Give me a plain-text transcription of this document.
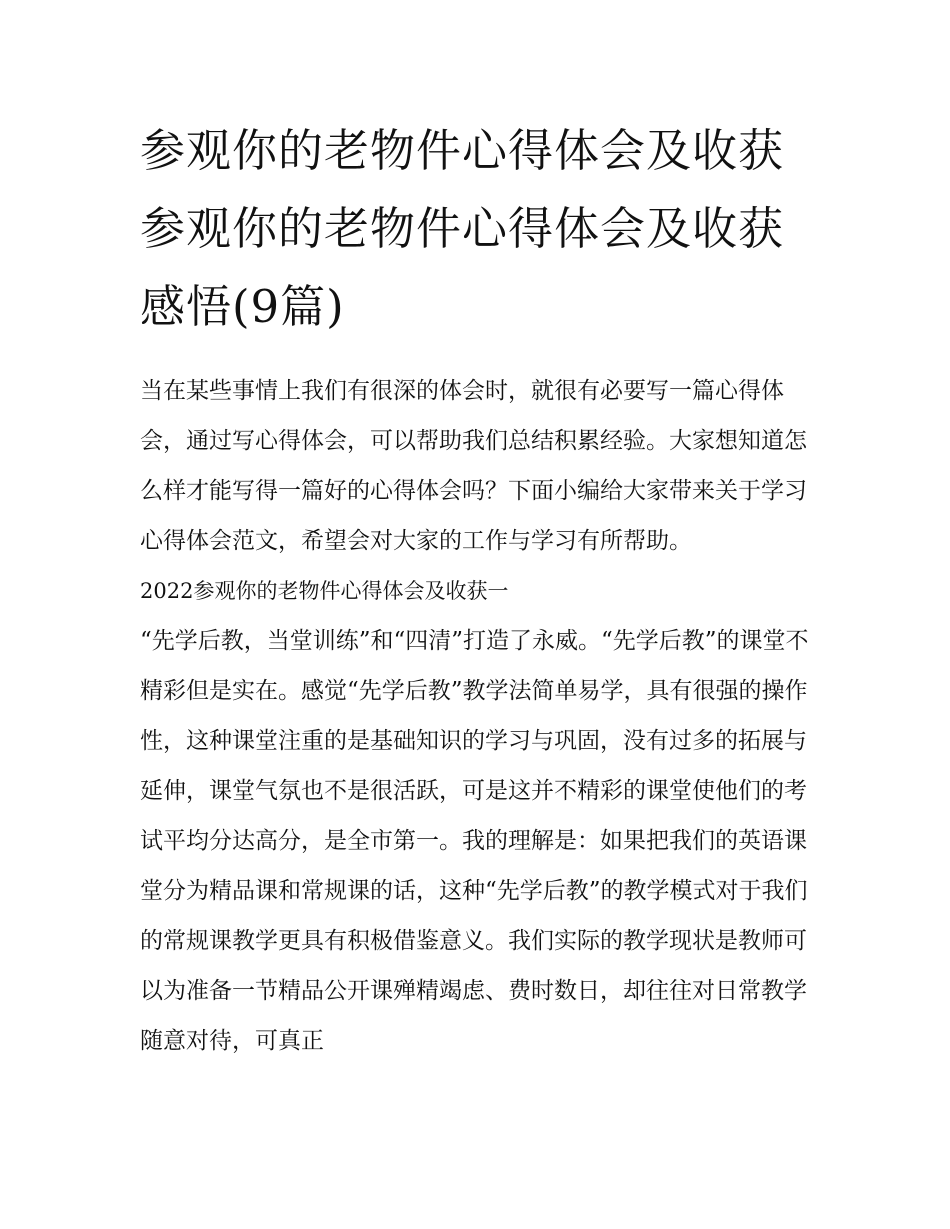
参观你的老物件心得体会及收获 参观你的老物件心得体会及收获感悟(9篇)

当在某些事情上我们有很深的体会时，就很有必要写一篇心得体会，通过写心得体会，可以帮助我们总结积累经验。大家想知道怎么样才能写得一篇好的心得体会吗？下面小编给大家带来关于学习心得体会范文，希望会对大家的工作与学习有所帮助。

2022参观你的老物件心得体会及收获一

“先学后教，当堂训练”和“四清”打造了永威。“先学后教”的课堂不精彩但是实在。感觉“先学后教”教学法简单易学，具有很强的操作性，这种课堂注重的是基础知识的学习与巩固，没有过多的拓展与延伸，课堂气氛也不是很活跃，可是这并不精彩的课堂使他们的考试平均分达高分，是全市第一。我的理解是：如果把我们的英语课堂分为精品课和常规课的话，这种“先学后教”的教学模式对于我们的常规课教学更具有积极借鉴意义。我们实际的教学现状是教师可以为准备一节精品公开课殚精竭虑、费时数日，却往往对日常教学随意对待，可真正
